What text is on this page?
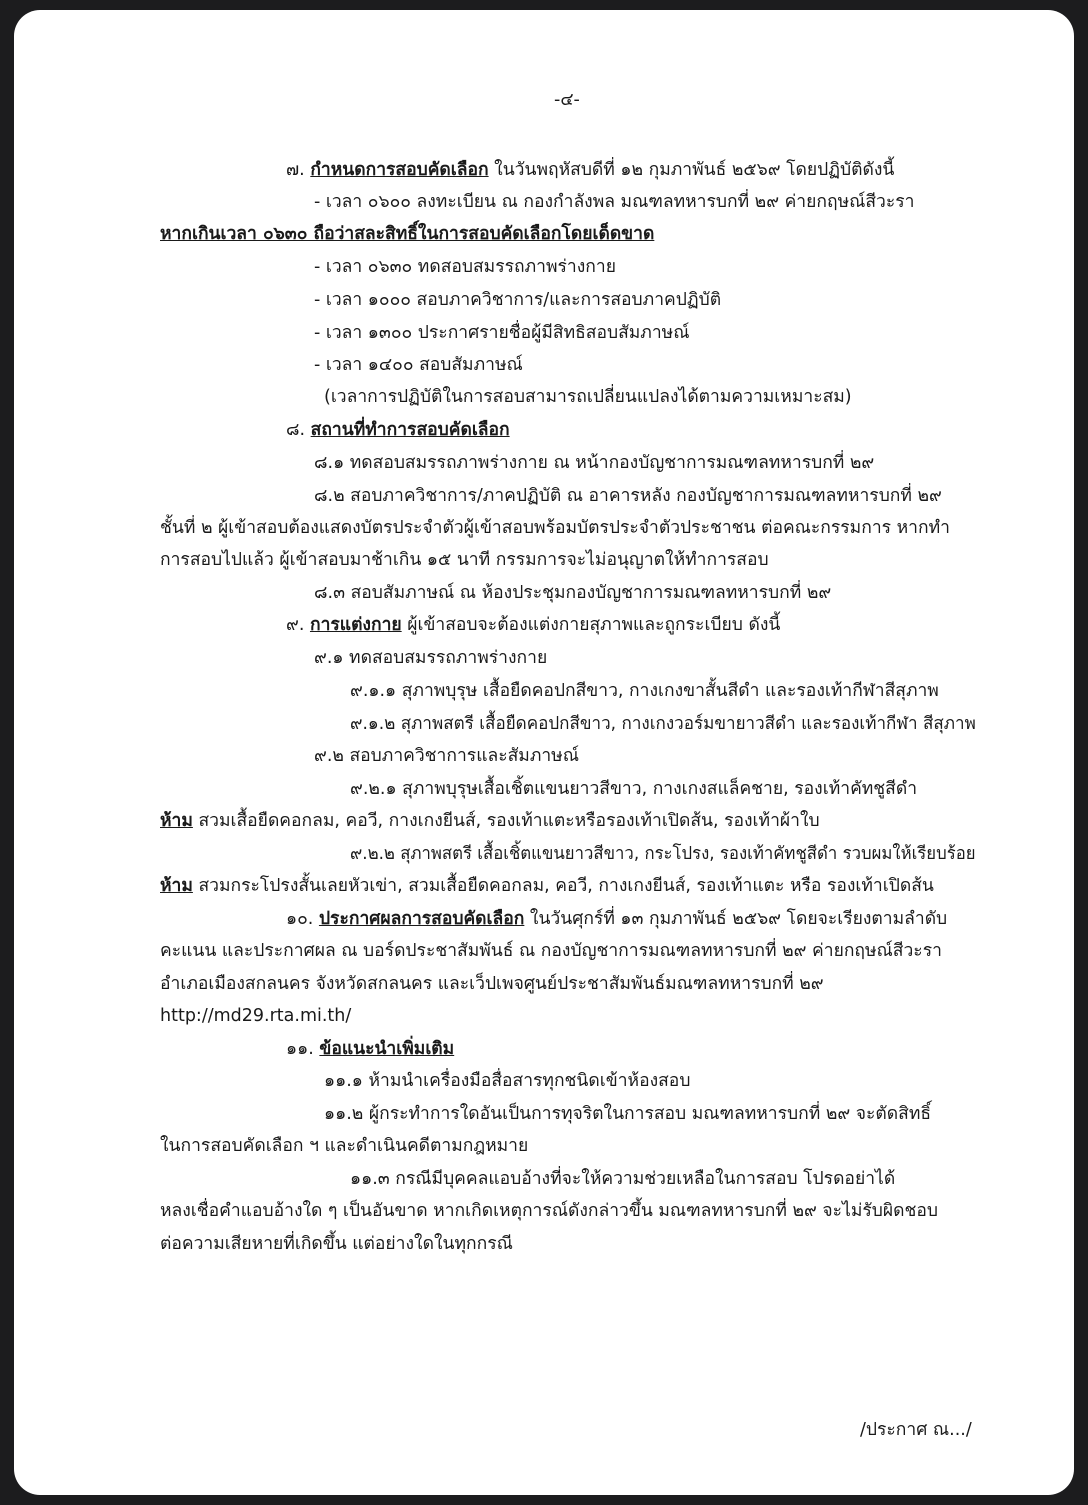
-๔-
๗. กำหนดการสอบคัดเลือก ในวันพฤหัสบดีที่ ๑๒ กุมภาพันธ์ ๒๕๖๙ โดยปฏิบัติดังนี้
- เวลา ๐๖๐๐ ลงทะเบียน ณ กองกำลังพล มณฑลทหารบกที่ ๒๙ ค่ายกฤษณ์สีวะรา
หากเกินเวลา ๐๖๓๐ ถือว่าสละสิทธิ์ในการสอบคัดเลือกโดยเด็ดขาด
- เวลา ๐๖๓๐ ทดสอบสมรรถภาพร่างกาย
- เวลา ๑๐๐๐ สอบภาควิชาการ/และการสอบภาคปฏิบัติ
- เวลา ๑๓๐๐ ประกาศรายชื่อผู้มีสิทธิสอบสัมภาษณ์
- เวลา ๑๔๐๐ สอบสัมภาษณ์
(เวลาการปฏิบัติในการสอบสามารถเปลี่ยนแปลงได้ตามความเหมาะสม)
๘. สถานที่ทำการสอบคัดเลือก
๘.๑ ทดสอบสมรรถภาพร่างกาย ณ หน้ากองบัญชาการมณฑลทหารบกที่ ๒๙
๘.๒ สอบภาควิชาการ/ภาคปฏิบัติ ณ อาคารหลัง กองบัญชาการมณฑลทหารบกที่ ๒๙
ชั้นที่ ๒ ผู้เข้าสอบต้องแสดงบัตรประจำตัวผู้เข้าสอบพร้อมบัตรประจำตัวประชาชน ต่อคณะกรรมการ หากทำ
การสอบไปแล้ว ผู้เข้าสอบมาช้าเกิน ๑๕ นาที กรรมการจะไม่อนุญาตให้ทำการสอบ
๘.๓ สอบสัมภาษณ์ ณ ห้องประชุมกองบัญชาการมณฑลทหารบกที่ ๒๙
๙. การแต่งกาย ผู้เข้าสอบจะต้องแต่งกายสุภาพและถูกระเบียบ ดังนี้
๙.๑ ทดสอบสมรรถภาพร่างกาย
๙.๑.๑ สุภาพบุรุษ เสื้อยืดคอปกสีขาว, กางเกงขาสั้นสีดำ และรองเท้ากีฬาสีสุภาพ
๙.๑.๒ สุภาพสตรี เสื้อยืดคอปกสีขาว, กางเกงวอร์มขายาวสีดำ และรองเท้ากีฬา สีสุภาพ
๙.๒ สอบภาควิชาการและสัมภาษณ์
๙.๒.๑ สุภาพบุรุษเสื้อเชิ้ตแขนยาวสีขาว, กางเกงสแล็คชาย, รองเท้าคัทชูสีดำ
ห้าม สวมเสื้อยืดคอกลม, คอวี, กางเกงยีนส์, รองเท้าแตะหรือรองเท้าเปิดส้น, รองเท้าผ้าใบ
๙.๒.๒ สุภาพสตรี เสื้อเชิ้ตแขนยาวสีขาว, กระโปรง, รองเท้าคัทชูสีดำ รวบผมให้เรียบร้อย
ห้าม สวมกระโปรงสั้นเลยหัวเข่า, สวมเสื้อยืดคอกลม, คอวี, กางเกงยีนส์, รองเท้าแตะ หรือ รองเท้าเปิดส้น
๑๐. ประกาศผลการสอบคัดเลือก ในวันศุกร์ที่ ๑๓ กุมภาพันธ์ ๒๕๖๙ โดยจะเรียงตามลำดับ
คะแนน และประกาศผล ณ บอร์ดประชาสัมพันธ์ ณ กองบัญชาการมณฑลทหารบกที่ ๒๙ ค่ายกฤษณ์สีวะรา
อำเภอเมืองสกลนคร จังหวัดสกลนคร และเว็ปเพจศูนย์ประชาสัมพันธ์มณฑลทหารบกที่ ๒๙
http://md29.rta.mi.th/
๑๑. ข้อแนะนำเพิ่มเติม
๑๑.๑ ห้ามนำเครื่องมือสื่อสารทุกชนิดเข้าห้องสอบ
๑๑.๒ ผู้กระทำการใดอันเป็นการทุจริตในการสอบ มณฑลทหารบกที่ ๒๙ จะตัดสิทธิ์
ในการสอบคัดเลือก ฯ และดำเนินคดีตามกฎหมาย
๑๑.๓ กรณีมีบุคคลแอบอ้างที่จะให้ความช่วยเหลือในการสอบ โปรดอย่าได้
หลงเชื่อคำแอบอ้างใด ๆ เป็นอันขาด หากเกิดเหตุการณ์ดังกล่าวขึ้น มณฑลทหารบกที่ ๒๙ จะไม่รับผิดชอบ
ต่อความเสียหายที่เกิดขึ้น แต่อย่างใดในทุกกรณี
/ประกาศ ณ.../
